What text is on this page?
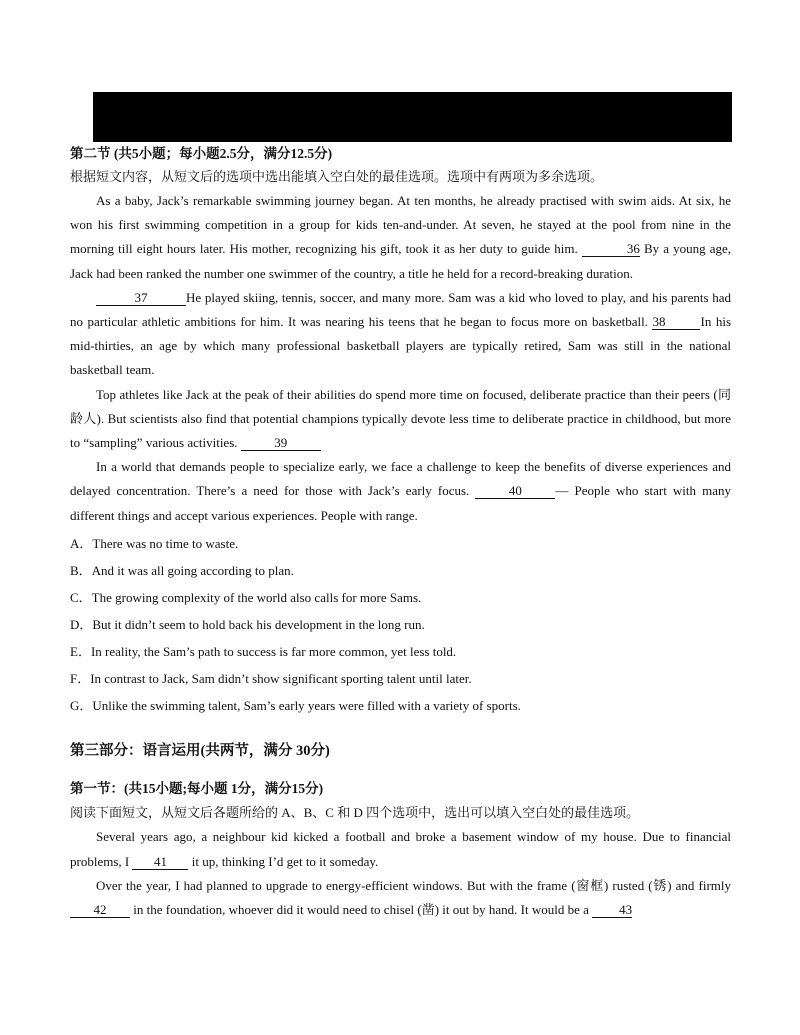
第二节 (共5小题；每小题2.5分，满分12.5分)

根据短文内容，从短文后的选项中选出能填入空白处的最佳选项。选项中有两项为多余选项。

As a baby, Jack’s remarkable swimming journey began. At ten months, he already practised with swim aids. At six, he won his first swimming competition in a group for kids ten-and-under. At seven, he stayed at the pool from nine in the morning till eight hours later. His mother, recognizing his gift, took it as her duty to guide him.	36 By a young age, Jack had been ranked the number one swimmer of the country, a title he held for a record-breaking duration.

37	He played skiing, tennis, soccer, and many more. Sam was a kid who loved to play, and his parents had no particular athletic ambitions for him. It was nearing his teens that he began to focus more on basketball. 38	In his mid-thirties, an age by which many professional basketball players are typically retired, Sam was still in the national basketball team.

Top athletes like Jack at the peak of their abilities do spend more time on focused, deliberate practice than their peers (同龄人). But scientists also find that potential champions typically devote less time to deliberate practice in childhood, but more to “sampling” various activities.	39

In a world that demands people to specialize early, we face a challenge to keep the benefits of diverse experiences and delayed concentration. There’s a need for those with Jack’s early focus.	40	— People who start with many different things and accept various experiences. People with range.

A．There was no time to waste.

B．And it was all going according to plan.

C．The growing complexity of the world also calls for more Sams.

D．But it didn’t seem to hold back his development in the long run.

E．In reality, the Sam’s path to success is far more common, yet less told.

F．In contrast to Jack, Sam didn’t show significant sporting talent until later.

G．Unlike the swimming talent, Sam’s early years were filled with a variety of sports.

第三部分：语言运用(共两节，满分 30分)

第一节：(共15小题;每小题 1分，满分15分)

阅读下面短文，从短文后各题所给的 A、B、C 和 D 四个选项中，选出可以填入空白处的最佳选项。

Several years ago, a neighbour kid kicked a football and broke a basement window of my house. Due to financial problems, I 41 it up, thinking I’d get to it someday.

Over the year, I had planned to upgrade to energy-efficient windows. But with the frame (窗框) rusted (锈) and firmly 42 in the foundation, whoever did it would need to chisel (凿) it out by hand. It would be a 43
